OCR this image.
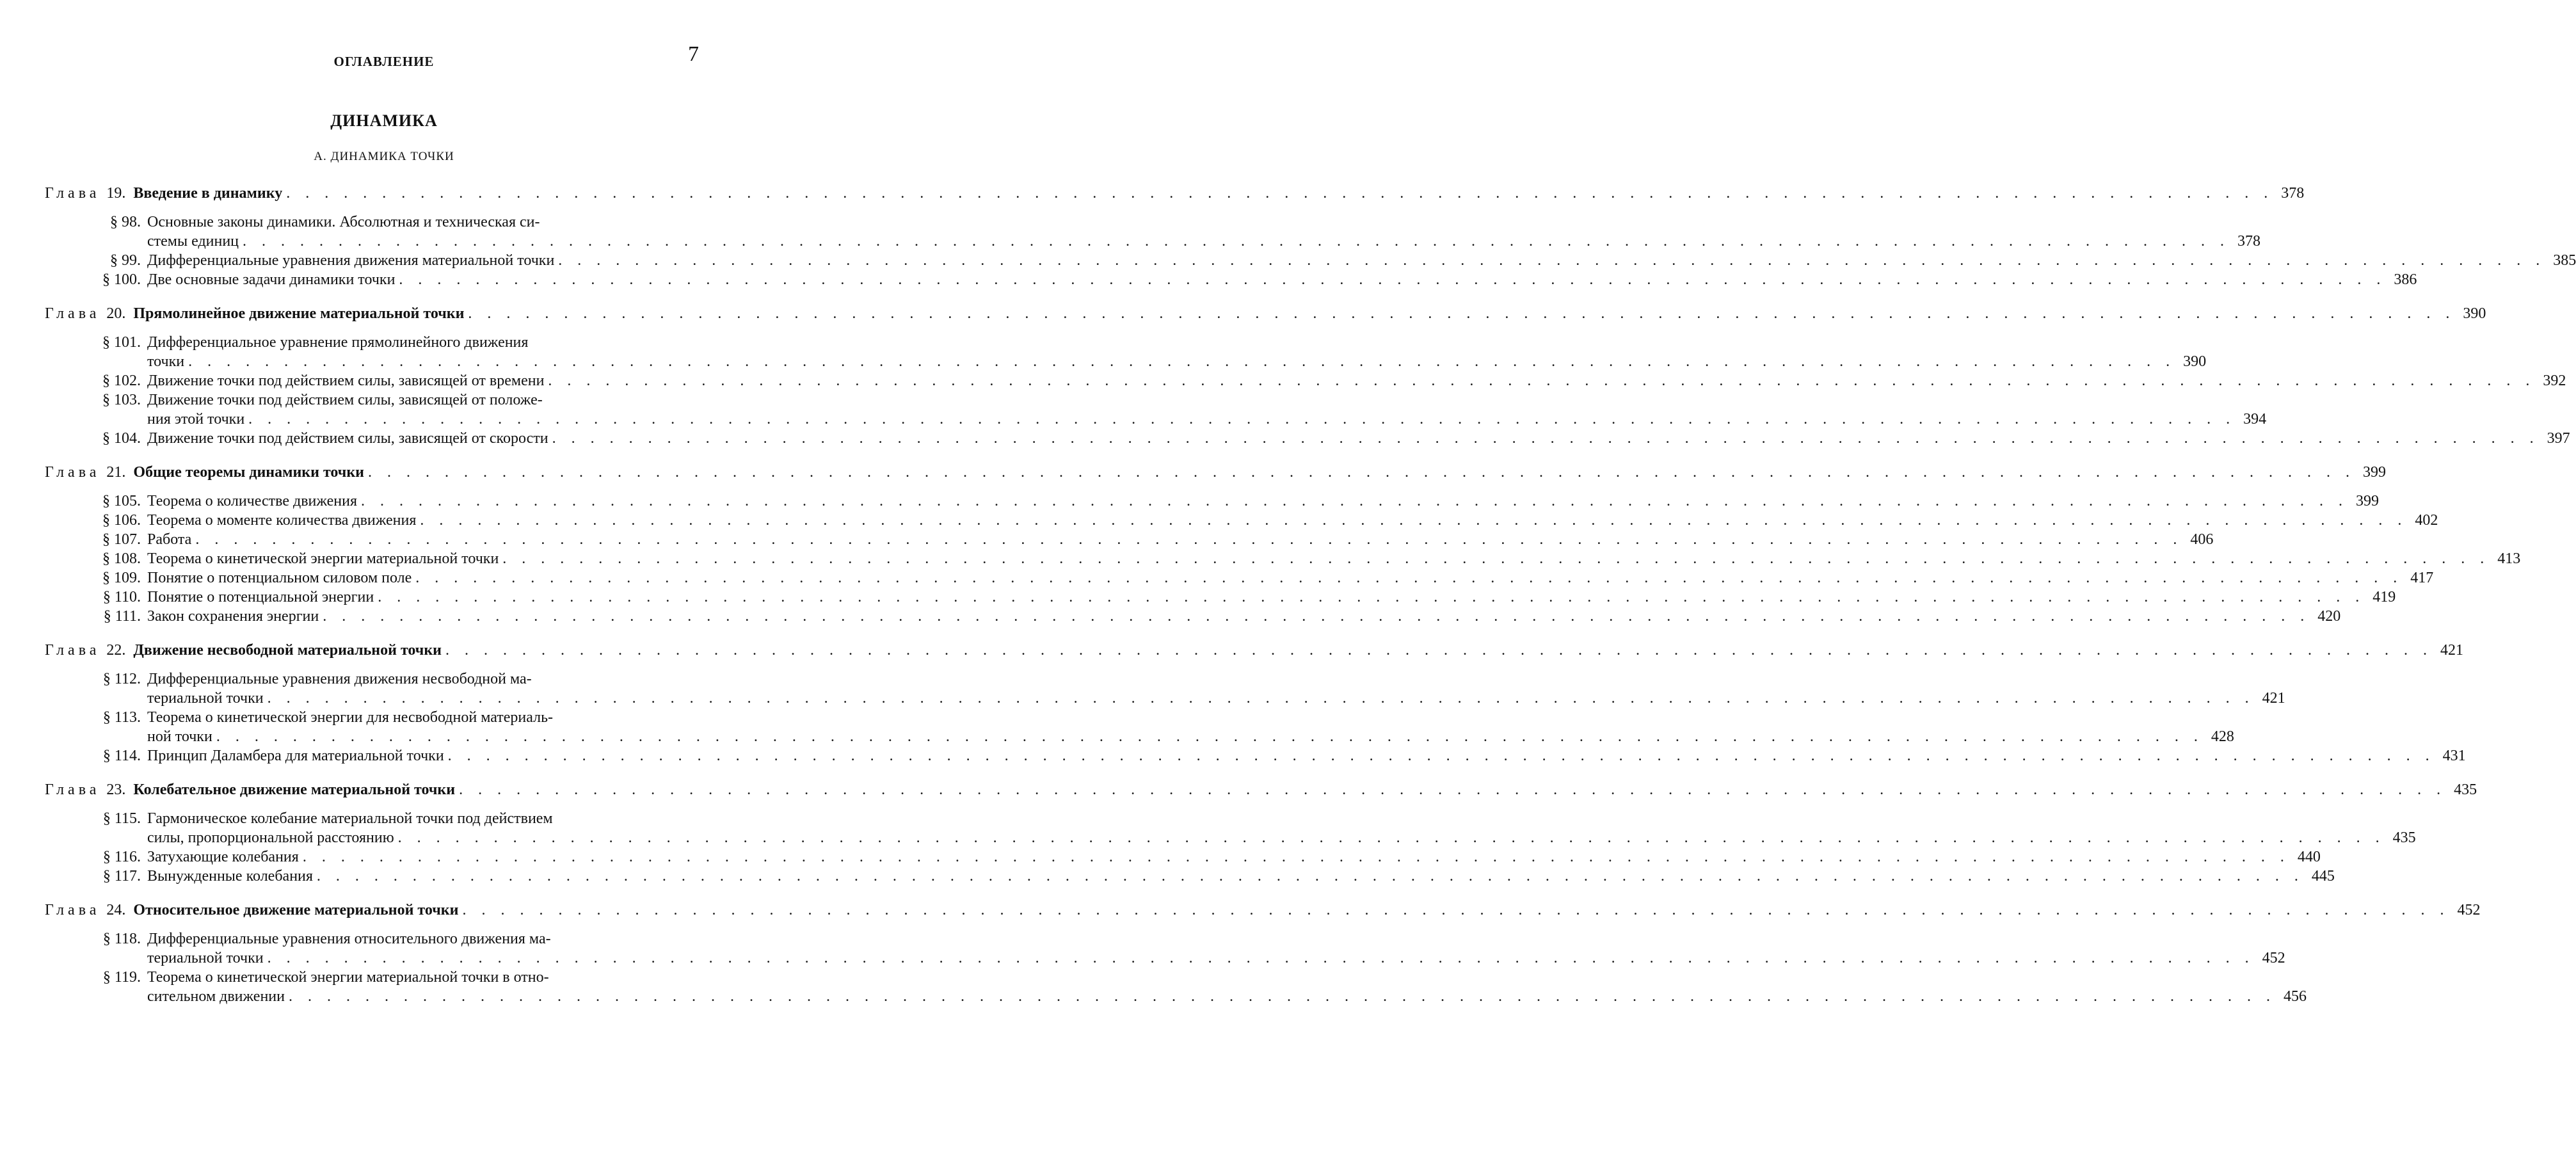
ОГЛАВЛЕНИЕ	7
ДИНАМИКА
А. ДИНАМИКА ТОЧКИ
Глава 19. Введение в динамику . . .	378
§ 98. Основные законы динамики. Абсолютная и техническая си-
стемы единиц . . .	378
§ 99. Дифференциальные уравнения движения материальной точки . . .	385
§ 100. Две основные задачи динамики точки . . .	386
Глава 20. Прямолинейное движение материальной точки . . .	390
§ 101. Дифференциальное уравнение прямолинейного движения
точки . . .	390
§ 102. Движение точки под действием силы, зависящей от времени . . .	392
§ 103. Движение точки под действием силы, зависящей от положе-
ния этой точки . . .	394
§ 104. Движение точки под действием силы, зависящей от скорости . . .	397
Глава 21. Общие теоремы динамики точки . . .	399
§ 105. Теорема о количестве движения . . .	399
§ 106. Теорема о моменте количества движения . . .	402
§ 107. Работа . . .	406
§ 108. Теорема о кинетической энергии материальной точки . . .	413
§ 109. Понятие о потенциальном силовом поле . . .	417
§ 110. Понятие о потенциальной энергии . . .	419
§ 111. Закон сохранения энергии . . .	420
Глава 22. Движение несвободной материальной точки . . .	421
§ 112. Дифференциальные уравнения движения несвободной ма-
териальной точки . . .	421
§ 113. Теорема о кинетической энергии для несвободной материаль-
ной точки . . .	428
§ 114. Принцип Даламбера для материальной точки . . .	431
Глава 23. Колебательное движение материальной точки . . .	435
§ 115. Гармоническое колебание материальной точки под действием
силы, пропорциональной расстоянию . . .	435
§ 116. Затухающие колебания . . .	440
§ 117. Вынужденные колебания . . .	445
Глава 24. Относительное движение материальной точки . . .	452
§ 118. Дифференциальные уравнения относительного движения ма-
териальной точки . . .	452
§ 119. Теорема о кинетической энергии материальной точки в отно-
сительном движении . . .	456
